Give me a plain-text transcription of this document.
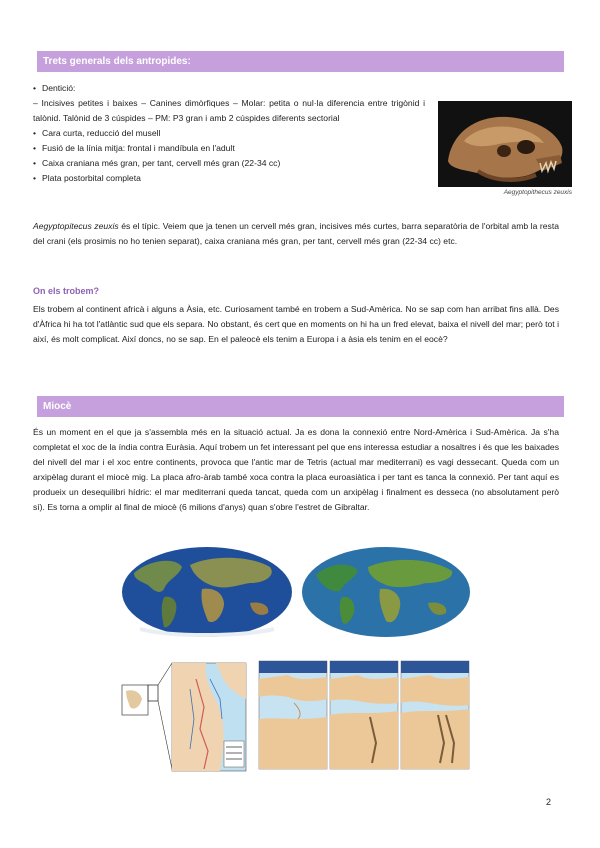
Trets generals dels antropides:
• Dentició:
– Incisives petites i baixes – Canines dimòrfiques – Molar: petita o nul·la diferencia entre trigònid i talònid. Talònid de 3 cúspides – PM: P3 gran i amb 2 cúspides diferents sectorial
• Cara curta, reducció del musell
• Fusió de la línia mitja: frontal i mandíbula en l'adult
• Caixa craniana més gran, per tant, cervell més gran (22-34 cc)
• Plata postorbital completa
Aegyptopithecus zeuxis
Aegyptopitecus zeuxis és el típic. Veiem que ja tenen un cervell més gran, incisives més curtes, barra separatòria de l'orbital amb la resta del crani (els prosimis no ho tenien separat), caixa craniana més gran, per tant, cervell més gran (22-34 cc) etc.
On els trobem?
Els trobem al continent africà i alguns a Àsia, etc. Curiosament també en trobem a Sud-Amèrica. No se sap com han arribat fins allà. Des d'Àfrica hi ha tot l'atlàntic sud que els separa. No obstant, és cert que en moments on hi ha un fred elevat, baixa el nivell del mar; però tot i així, és molt complicat. Així doncs, no se sap. En el paleocè els tenim a Europa i a àsia els tenim en el eocè?
Miocè
És un moment en el que ja s'assembla més en la situació actual. Ja es dona la connexió entre Nord-Amèrica i Sud-Amèrica. Ja s'ha completat el xoc de la índia contra Euràsia. Aquí trobem un fet interessant pel que ens interessa estudiar a nosaltres i és que les baixades del nivell del mar i el xoc entre continents, provoca que l'antic mar de Tetris (actual mar mediterrani) es vagi dessecant. Queda com un arxipèlag durant el miocè mig. La placa afro-àrab també xoca contra la placa euroasiàtica i per tant es tanca la connexió. Per tant aquí es produeix un desequilibri hídric: el mar mediterrani queda tancat, queda com un arxipèlag i finalment es desseca (no absolutament però sí). Es torna a omplir al final de miocè (6 milions d'anys) quan s'obre l'estret de Gibraltar.
2
